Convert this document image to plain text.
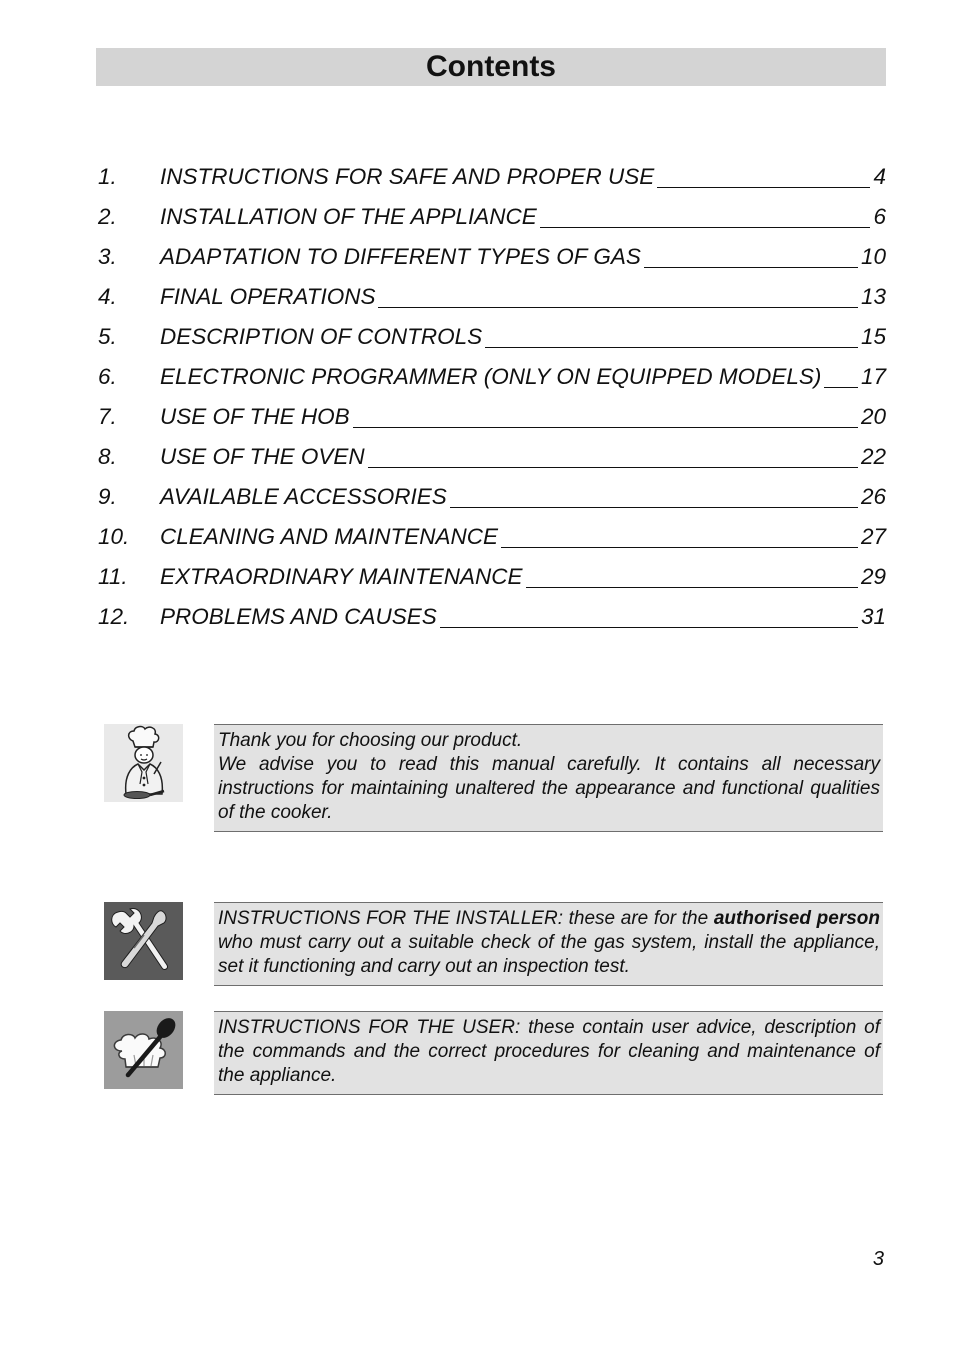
Contents
1.	INSTRUCTIONS FOR SAFE AND PROPER USE	4
2.	INSTALLATION OF THE APPLIANCE	6
3.	ADAPTATION TO DIFFERENT TYPES OF GAS	10
4.	FINAL OPERATIONS	13
5.	DESCRIPTION OF CONTROLS	15
6.	ELECTRONIC PROGRAMMER (ONLY ON EQUIPPED MODELS) 17
7.	USE OF THE HOB	20
8.	USE OF THE OVEN	22
9.	AVAILABLE ACCESSORIES	26
10.	CLEANING AND MAINTENANCE	27
11.	EXTRAORDINARY MAINTENANCE	29
12.	PROBLEMS AND CAUSES	31

Thank you for choosing our product.

We advise you to read this manual carefully. It contains all necessary instructions for maintaining unaltered the appearance and functional qualities of the cooker.

INSTRUCTIONS FOR THE INSTALLER: these are for the authorised person who must carry out a suitable check of the gas system, install the appliance, set it functioning and carry out an inspection test.

INSTRUCTIONS FOR THE USER: these contain user advice, description of the commands and the correct procedures for cleaning and maintenance of the appliance.

3
